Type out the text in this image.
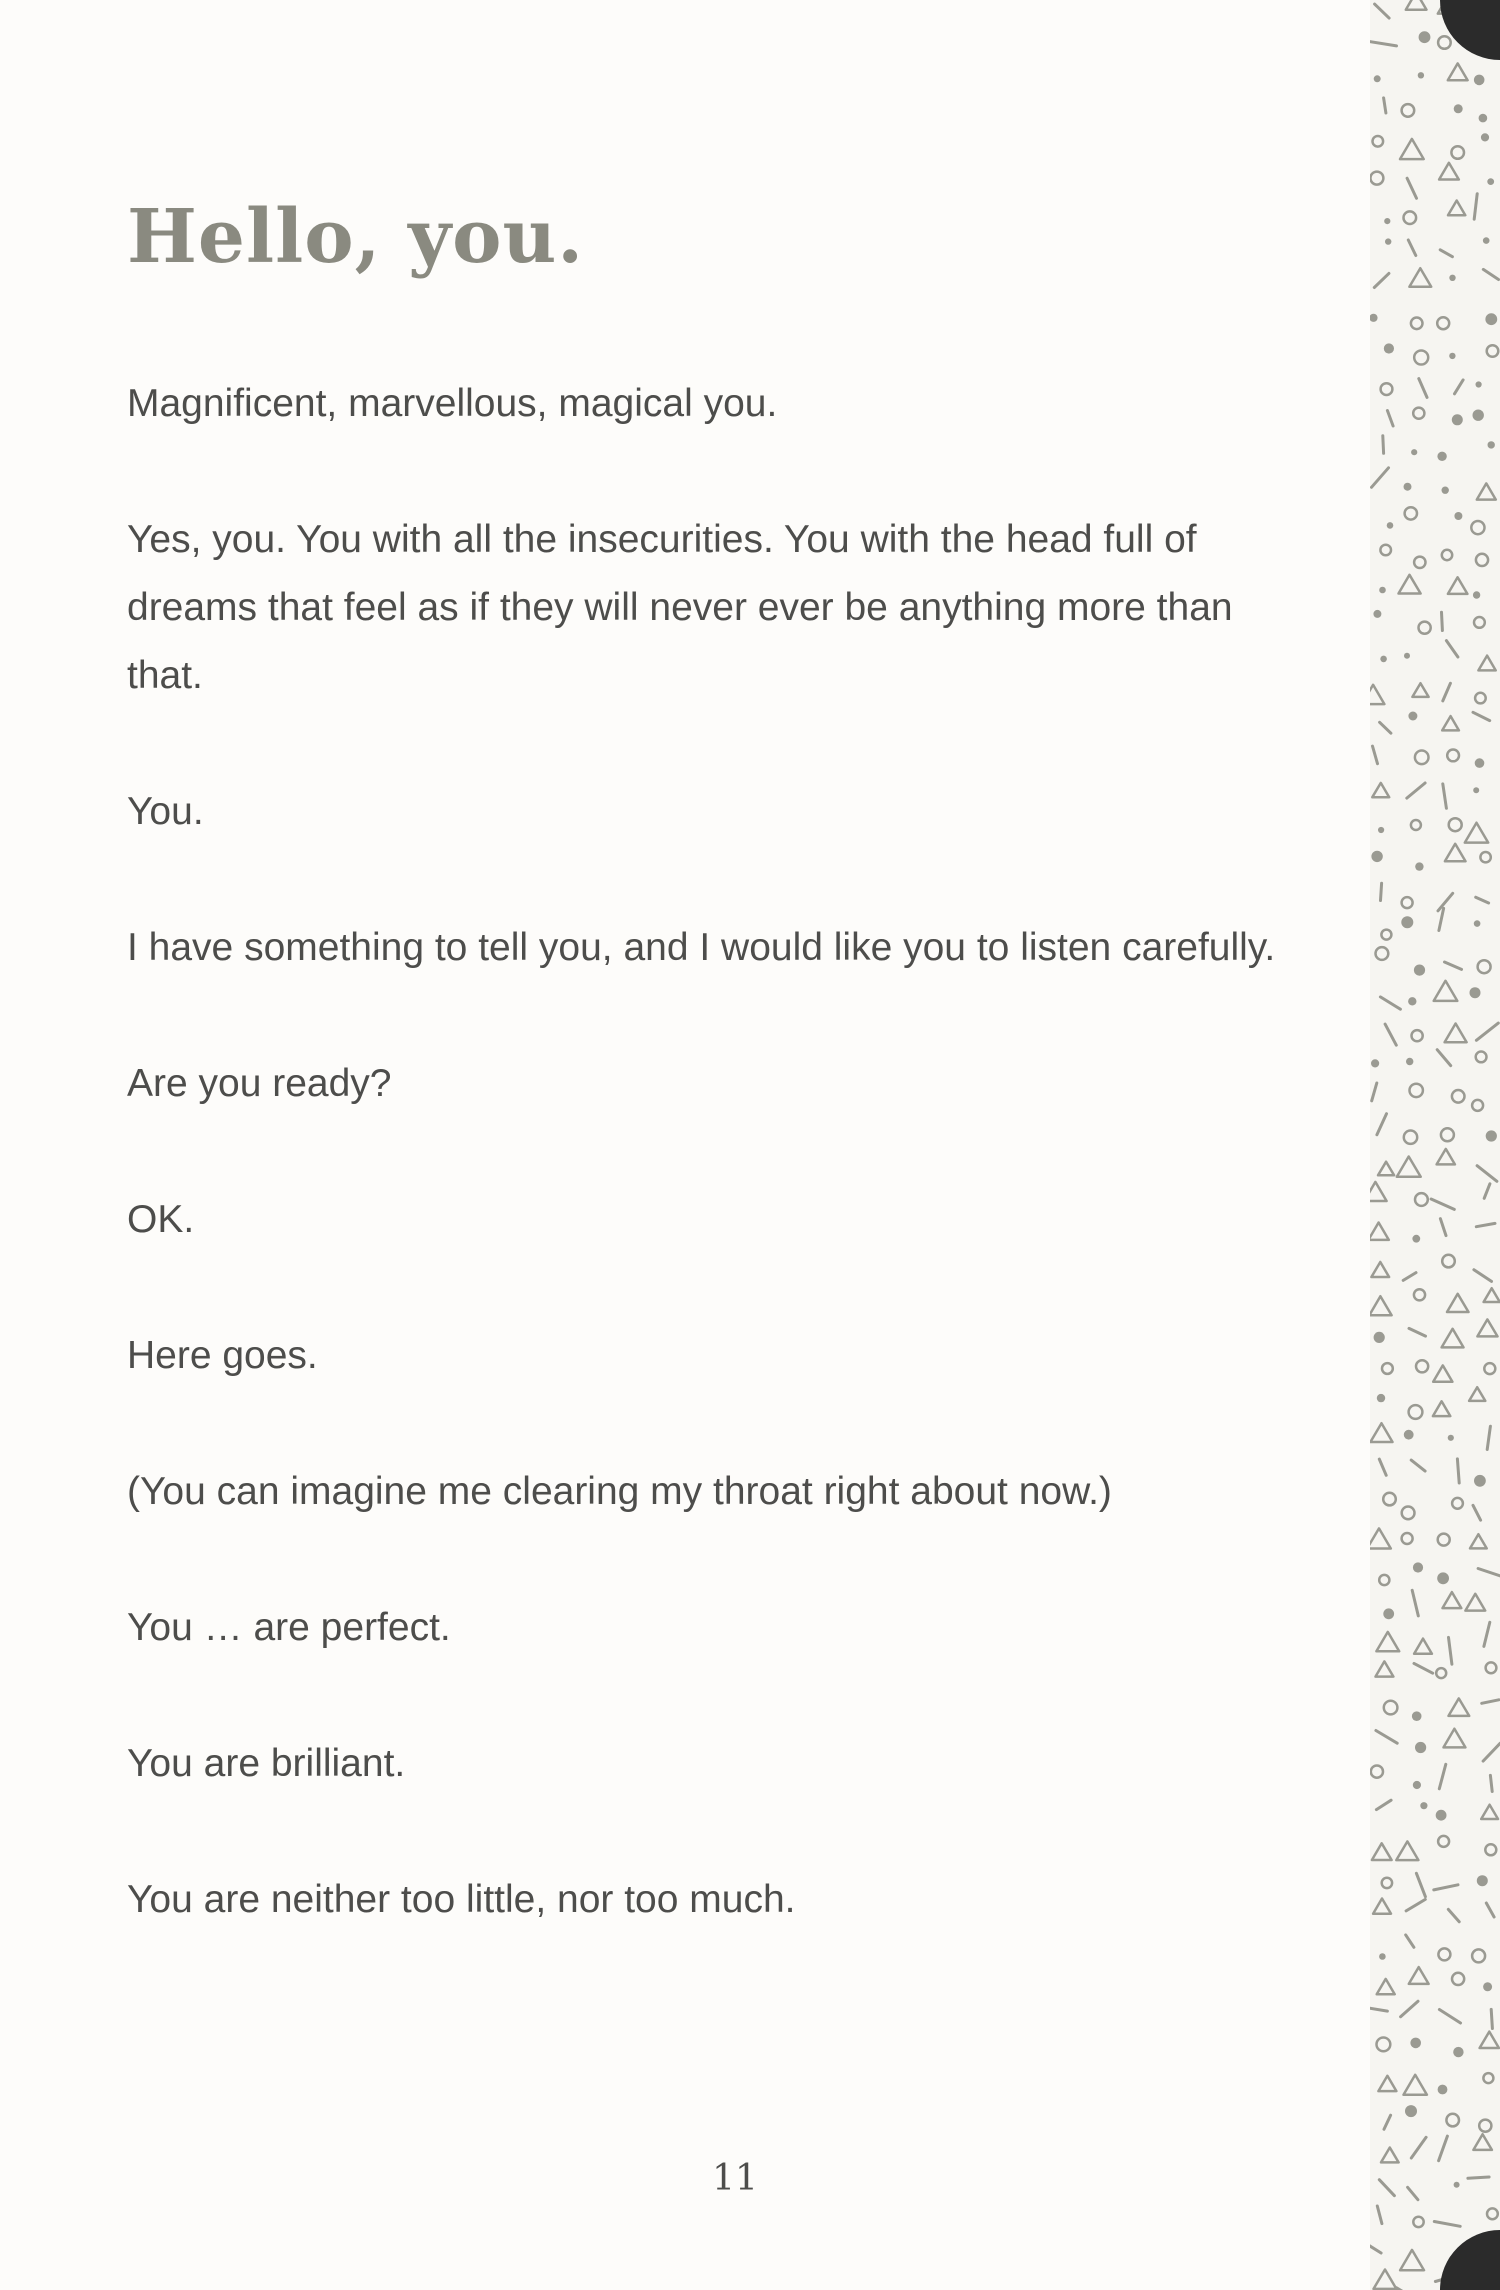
Hello, you.

Magnificent, marvellous, magical you.

Yes, you. You with all the insecurities. You with the head full of dreams that feel as if they will never ever be anything more than that.

You.

I have something to tell you, and I would like you to listen carefully.

Are you ready?

OK.

Here goes.

(You can imagine me clearing my throat right about now.)

You … are perfect.

You are brilliant.

You are neither too little, nor too much.

11
